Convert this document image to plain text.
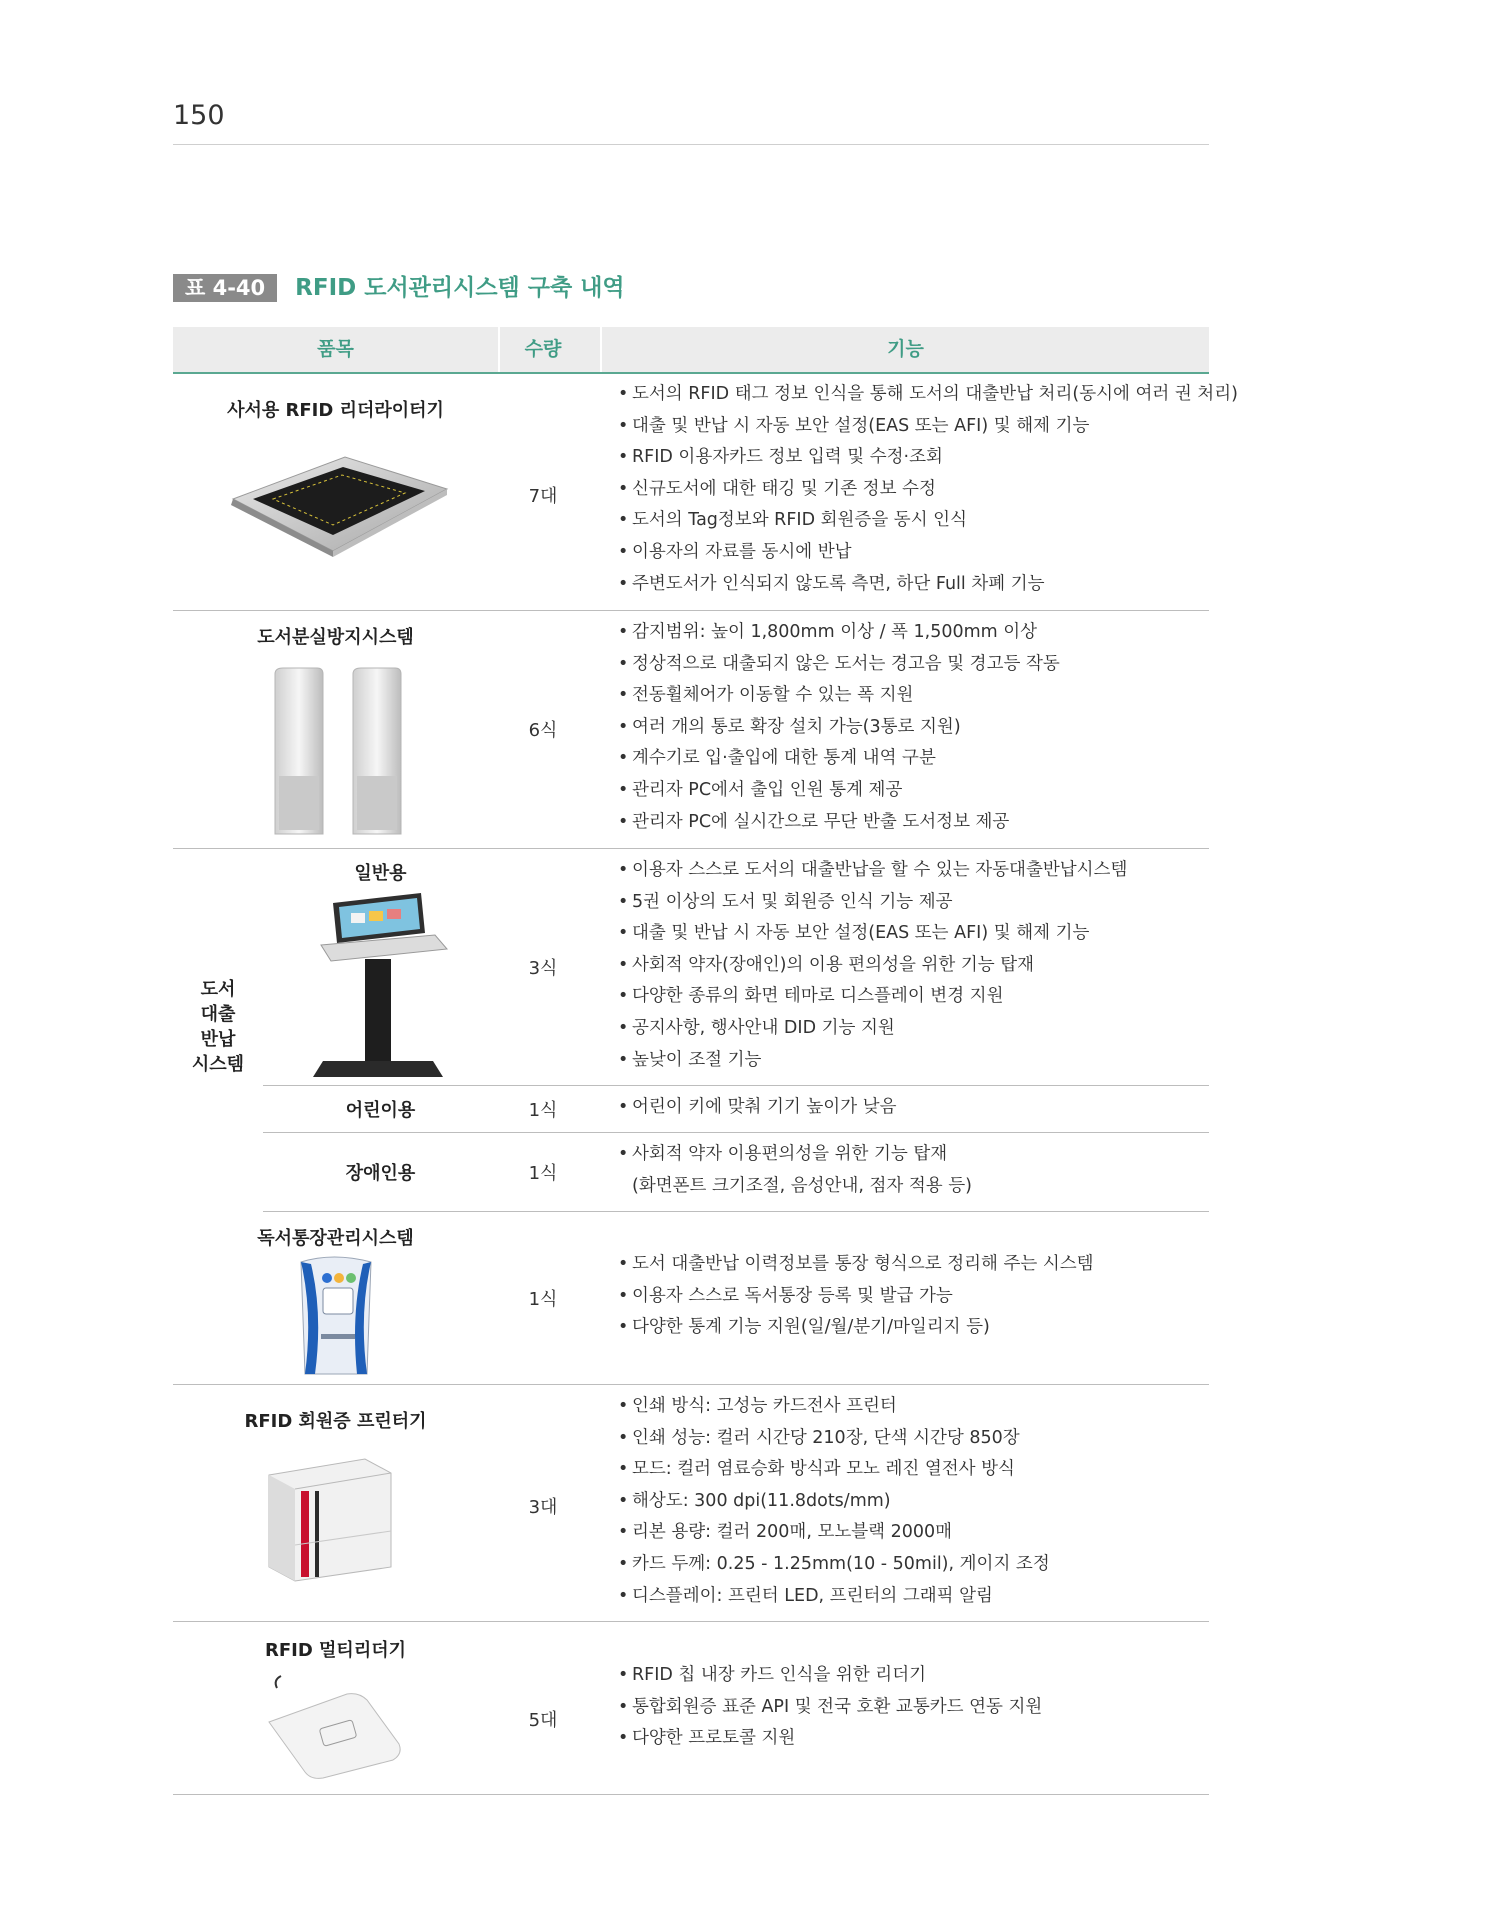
150
표 4-40	RFID 도서관리시스템 구축 내역
품목	수량	기능
사서용 RFID 리더라이터기
7대
• 도서의 RFID 태그 정보 인식을 통해 도서의 대출반납 처리(동시에 여러 권 처리)
• 대출 및 반납 시 자동 보안 설정(EAS 또는 AFI) 및 해제 기능
• RFID 이용자카드 정보 입력 및 수정·조회
• 신규도서에 대한 태깅 및 기존 정보 수정
• 도서의 Tag정보와 RFID 회원증을 동시 인식
• 이용자의 자료를 동시에 반납
• 주변도서가 인식되지 않도록 측면, 하단 Full 차폐 기능
도서분실방지시스템
6식
• 감지범위: 높이 1,800mm 이상 / 폭 1,500mm 이상
• 정상적으로 대출되지 않은 도서는 경고음 및 경고등 작동
• 전동휠체어가 이동할 수 있는 폭 지원
• 여러 개의 통로 확장 설치 가능(3통로 지원)
• 계수기로 입·출입에 대한 통계 내역 구분
• 관리자 PC에서 출입 인원 통계 제공
• 관리자 PC에 실시간으로 무단 반출 도서정보 제공
도서
대출
반납
시스템
일반용
3식
• 이용자 스스로 도서의 대출반납을 할 수 있는 자동대출반납시스템
• 5권 이상의 도서 및 회원증 인식 기능 제공
• 대출 및 반납 시 자동 보안 설정(EAS 또는 AFI) 및 해제 기능
• 사회적 약자(장애인)의 이용 편의성을 위한 기능 탑재
• 다양한 종류의 화면 테마로 디스플레이 변경 지원
• 공지사항, 행사안내 DID 기능 지원
• 높낮이 조절 기능
어린이용	1식
•	어린이 키에 맞춰 기기 높이가 낮음
장애인용	1식
• 사회적 약자 이용편의성을 위한 기능 탑재
(화면폰트 크기조절, 음성안내, 점자 적용 등)
독서통장관리시스템
1식
• 도서 대출반납 이력정보를 통장 형식으로 정리해 주는 시스템
• 이용자 스스로 독서통장 등록 및 발급 가능
• 다양한 통계 기능 지원(일/월/분기/마일리지 등)
RFID 회원증 프린터기
3대
• 인쇄 방식: 고성능 카드전사 프린터
• 인쇄 성능: 컬러 시간당 210장, 단색 시간당 850장
• 모드: 컬러 염료승화 방식과 모노 레진 열전사 방식
• 해상도: 300 dpi(11.8dots/mm)
• 리본 용량: 컬러 200매, 모노블랙 2000매
• 카드 두께: 0.25 - 1.25mm(10 - 50mil), 게이지 조정
• 디스플레이: 프린터 LED, 프린터의 그래픽 알림
RFID 멀티리더기
5대
• RFID 칩 내장 카드 인식을 위한 리더기
• 통합회원증 표준 API 및 전국 호환 교통카드 연동 지원
• 다양한 프로토콜 지원
